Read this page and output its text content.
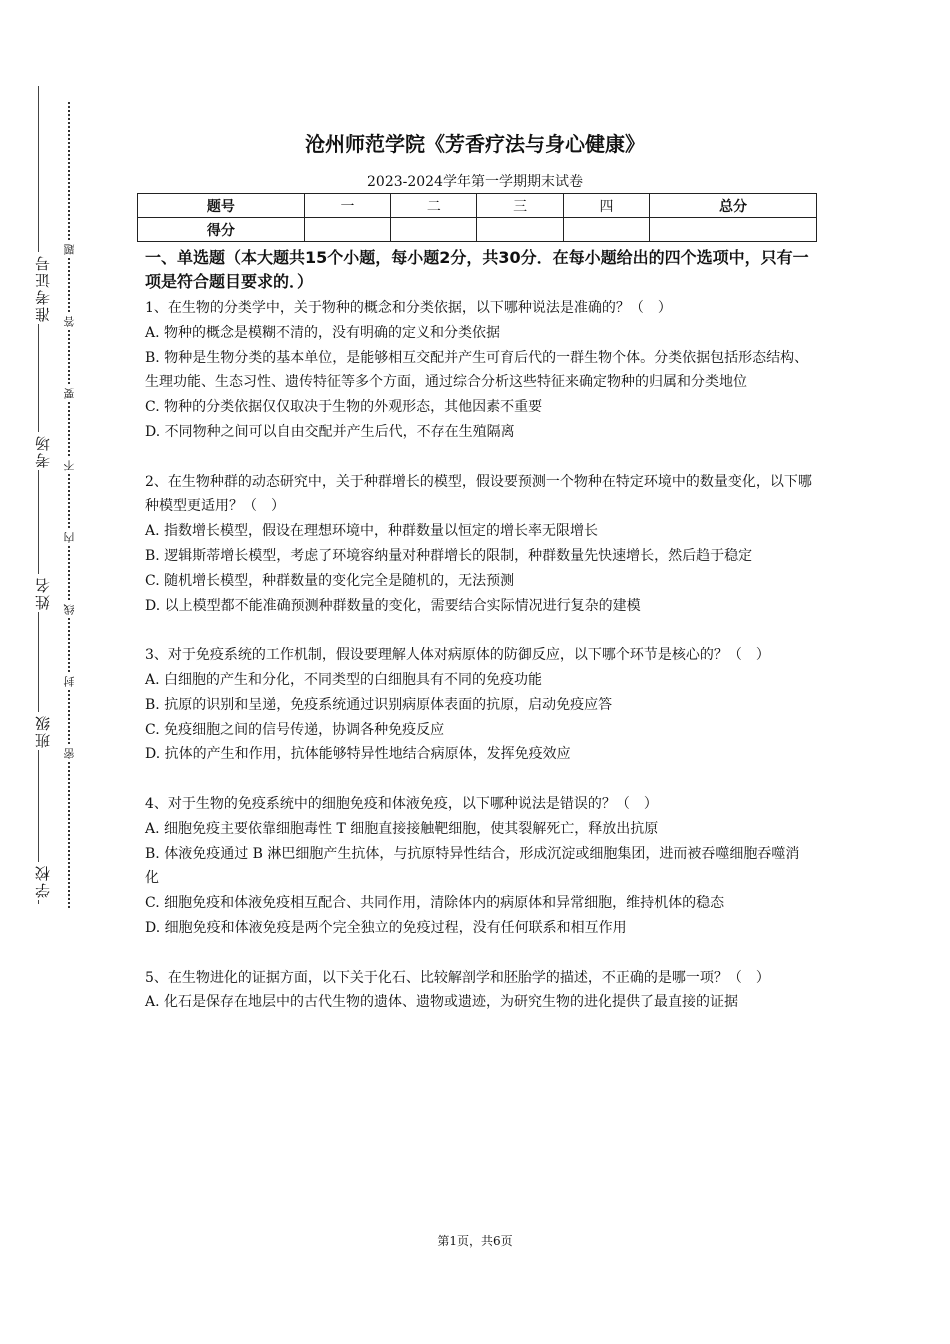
准考证号
考场
姓名
班级
学校
题
答
要
不
内
线
封
密
沧州师范学院《芳香疗法与身心健康》
2023-2024学年第一学期期末试卷
题号	一	二	三	四	总分
得分					
一、单选题（本大题共15个小题，每小题2分，共30分．在每小题给出的四个选项中，只有一项是符合题目要求的．）

1、在生物的分类学中，关于物种的概念和分类依据，以下哪种说法是准确的？（　）

A. 物种的概念是模糊不清的，没有明确的定义和分类依据

B. 物种是生物分类的基本单位，是能够相互交配并产生可育后代的一群生物个体。分类依据包括形态结构、生理功能、生态习性、遗传特征等多个方面，通过综合分析这些特征来确定物种的归属和分类地位

C. 物种的分类依据仅仅取决于生物的外观形态，其他因素不重要

D. 不同物种之间可以自由交配并产生后代，不存在生殖隔离

2、在生物种群的动态研究中，关于种群增长的模型，假设要预测一个物种在特定环境中的数量变化，以下哪种模型更适用？（　）

A. 指数增长模型，假设在理想环境中，种群数量以恒定的增长率无限增长

B. 逻辑斯蒂增长模型，考虑了环境容纳量对种群增长的限制，种群数量先快速增长，然后趋于稳定

C. 随机增长模型，种群数量的变化完全是随机的，无法预测

D. 以上模型都不能准确预测种群数量的变化，需要结合实际情况进行复杂的建模

3、对于免疫系统的工作机制，假设要理解人体对病原体的防御反应，以下哪个环节是核心的？（　）

A. 白细胞的产生和分化，不同类型的白细胞具有不同的免疫功能

B. 抗原的识别和呈递，免疫系统通过识别病原体表面的抗原，启动免疫应答

C. 免疫细胞之间的信号传递，协调各种免疫反应

D. 抗体的产生和作用，抗体能够特异性地结合病原体，发挥免疫效应

4、对于生物的免疫系统中的细胞免疫和体液免疫，以下哪种说法是错误的？（　）

A. 细胞免疫主要依靠细胞毒性 T 细胞直接接触靶细胞，使其裂解死亡，释放出抗原

B. 体液免疫通过 B 淋巴细胞产生抗体，与抗原特异性结合，形成沉淀或细胞集团，进而被吞噬细胞吞噬消化

C. 细胞免疫和体液免疫相互配合、共同作用，清除体内的病原体和异常细胞，维持机体的稳态

D. 细胞免疫和体液免疫是两个完全独立的免疫过程，没有任何联系和相互作用

5、在生物进化的证据方面，以下关于化石、比较解剖学和胚胎学的描述，不正确的是哪一项？（　）

A. 化石是保存在地层中的古代生物的遗体、遗物或遗迹，为研究生物的进化提供了最直接的证据

第1页，共6页
